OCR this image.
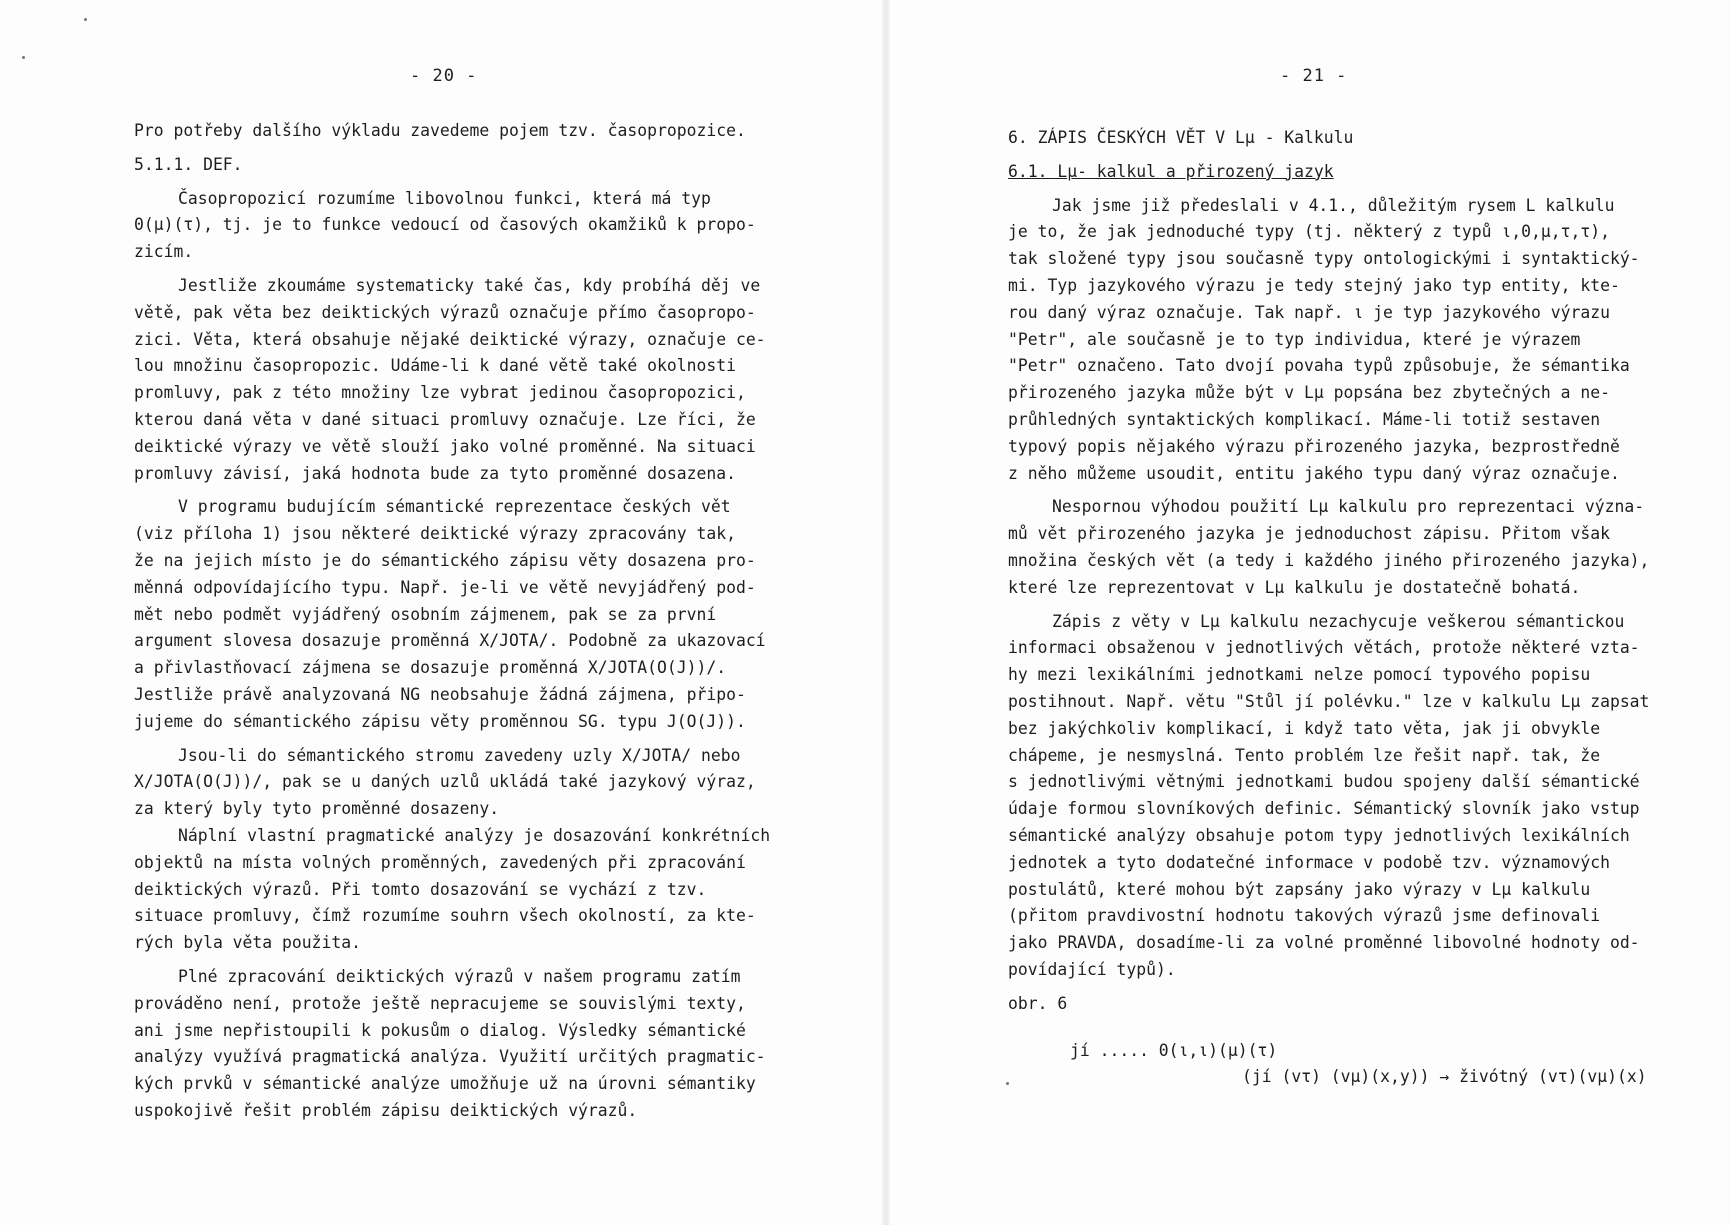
- 20 -

Pro potřeby dalšího výkladu zavedeme pojem tzv. časopropozice.

5.1.1. DEF.

Časopropozicí rozumíme libovolnou funkci, která má typ
0(μ)(τ), tj. je to funkce vedoucí od časových okamžiků k propo-
zicím.

Jestliže zkoumáme systematicky také čas, kdy probíhá děj ve
větě, pak věta bez deiktických výrazů označuje přímo časopropo-
zici. Věta, která obsahuje nějaké deiktické výrazy, označuje ce-
lou množinu časopropozic. Udáme-li k dané větě také okolnosti
promluvy, pak z této množiny lze vybrat jedinou časopropozici,
kterou daná věta v dané situaci promluvy označuje. Lze říci, že
deiktické výrazy ve větě slouží jako volné proměnné. Na situaci
promluvy závisí, jaká hodnota bude za tyto proměnné dosazena.

V programu budujícím sémantické reprezentace českých vět
(viz příloha 1) jsou některé deiktické výrazy zpracovány tak,
že na jejich místo je do sémantického zápisu věty dosazena pro-
měnná odpovídajícího typu. Např. je-li ve větě nevyjádřený pod-
mět nebo podmět vyjádřený osobním zájmenem, pak se za první
argument slovesa dosazuje proměnná X/JOTA/. Podobně za ukazovací
a přivlastňovací zájmena se dosazuje proměnná X/JOTA(O(J))/.
Jestliže právě analyzovaná NG neobsahuje žádná zájmena, připo-
jujeme do sémantického zápisu věty proměnnou SG. typu J(O(J)).

Jsou-li do sémantického stromu zavedeny uzly X/JOTA/ nebo
X/JOTA(O(J))/, pak se u daných uzlů ukládá také jazykový výraz,
za který byly tyto proměnné dosazeny.

Náplní vlastní pragmatické analýzy je dosazování konkrétních
objektů na místa volných proměnných, zavedených při zpracování
deiktických výrazů. Při tomto dosazování se vychází z tzv.
situace promluvy, čímž rozumíme souhrn všech okolností, za kte-
rých byla věta použita.

Plné zpracování deiktických výrazů v našem programu zatím
prováděno není, protože ještě nepracujeme se souvislými texty,
ani jsme nepřistoupili k pokusům o dialog. Výsledky sémantické
analýzy využívá pragmatická analýza. Využití určitých pragmatic-
kých prvků v sémantické analýze umožňuje už na úrovni sémantiky
uspokojivě řešit problém zápisu deiktických výrazů.

- 21 -

6. ZÁPIS ČESKÝCH VĚT V Lμ - Kalkulu

6.1. Lμ- kalkul a přirozený jazyk

Jak jsme již předeslali v 4.1., důležitým rysem L kalkulu
je to, že jak jednoduché typy (tj. některý z typů ι,0,μ,τ,τ),
tak složené typy jsou současně typy ontologickými i syntaktický-
mi. Typ jazykového výrazu je tedy stejný jako typ entity, kte-
rou daný výraz označuje. Tak např. ι je typ jazykového výrazu
"Petr", ale současně je to typ individua, které je výrazem
"Petr" označeno. Tato dvojí povaha typů způsobuje, že sémantika
přirozeného jazyka může být v Lμ popsána bez zbytečných a ne-
průhledných syntaktických komplikací. Máme-li totiž sestaven
typový popis nějakého výrazu přirozeného jazyka, bezprostředně
z něho můžeme usoudit, entitu jakého typu daný výraz označuje.

Nespornou výhodou použití Lμ kalkulu pro reprezentaci význa-
mů vět přirozeného jazyka je jednoduchost zápisu. Přitom však
množina českých vět (a tedy i každého jiného přirozeného jazyka),
které lze reprezentovat v Lμ kalkulu je dostatečně bohatá.

Zápis z věty v Lμ kalkulu nezachycuje veškerou sémantickou
informaci obsaženou v jednotlivých větách, protože některé vzta-
hy mezi lexikálními jednotkami nelze pomocí typového popisu
postihnout. Např. větu "Stůl jí polévku." lze v kalkulu Lμ zapsat
bez jakýchkoliv komplikací, i když tato věta, jak ji obvykle
chápeme, je nesmyslná. Tento problém lze řešit např. tak, že
s jednotlivými větnými jednotkami budou spojeny další sémantické
údaje formou slovníkových definic. Sémantický slovník jako vstup
sémantické analýzy obsahuje potom typy jednotlivých lexikálních
jednotek a tyto dodatečné informace v podobě tzv. významových
postulátů, které mohou být zapsány jako výrazy v Lμ kalkulu
(přitom pravdivostní hodnotu takových výrazů jsme definovali
jako PRAVDA, dosadíme-li za volné proměnné libovolné hodnoty od-
povídající typů).

obr. 6

jí ..... 0(ι,ι)(μ)(τ)
(jí (vτ) (vμ)(x,y)) → živótný (vτ)(vμ)(x)
